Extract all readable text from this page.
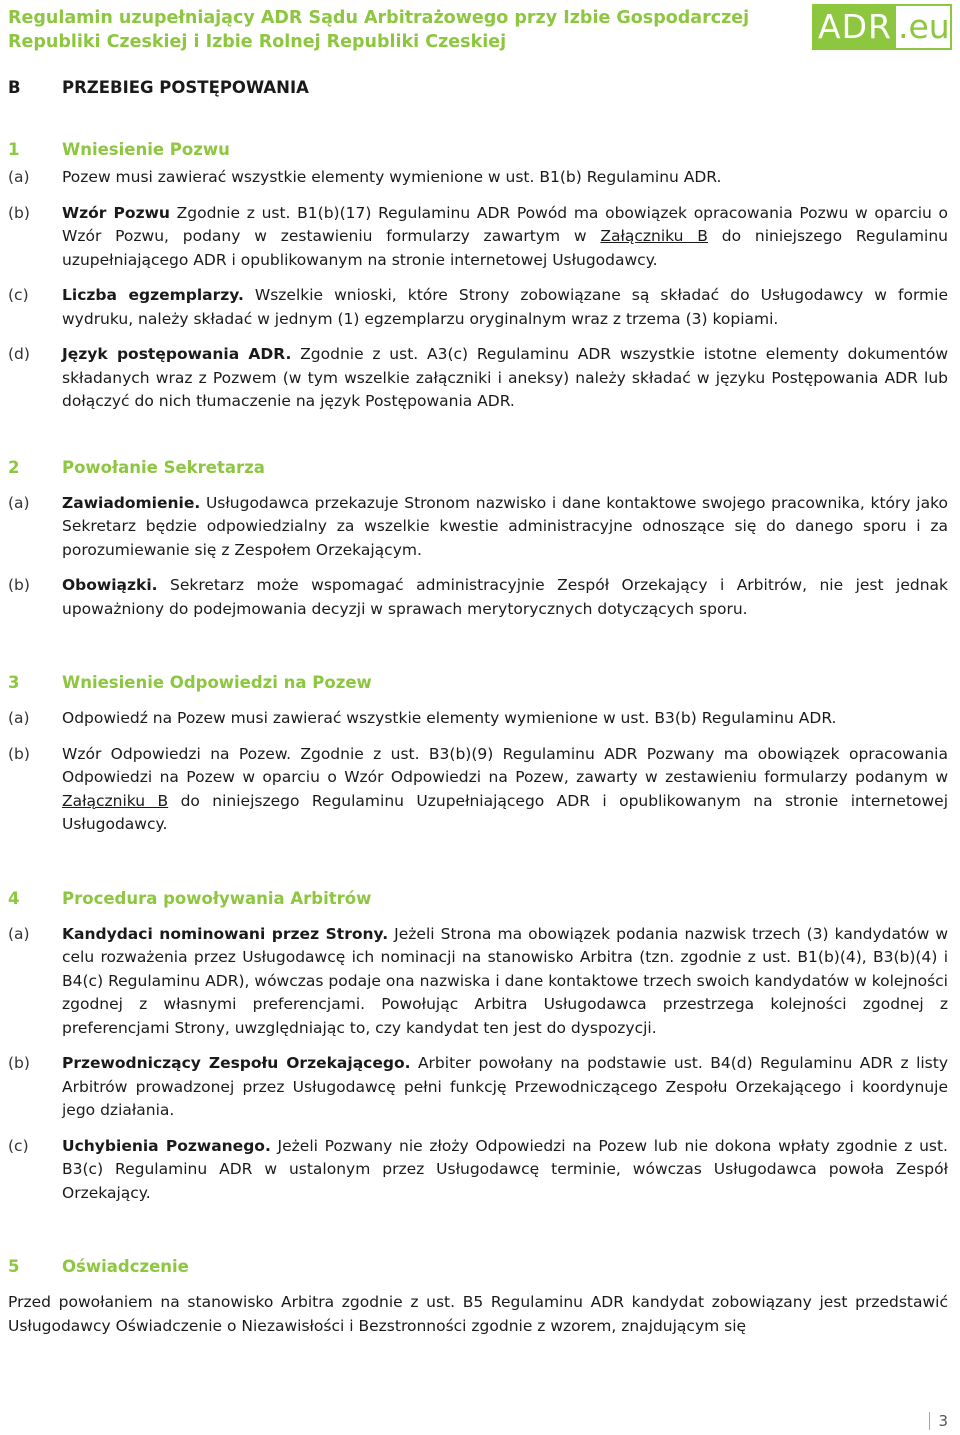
Regulamin uzupełniający ADR Sądu Arbitrażowego przy Izbie Gospodarczej
Republiki Czeskiej i Izbie Rolnej Republiki Czeskiej	ADR .eu
B	PRZEBIEG POSTĘPOWANIA
1	Wniesienie Pozwu
(a)	Pozew musi zawierać wszystkie elementy wymienione w ust. B1(b) Regulaminu ADR.
(b)	Wzór Pozwu Zgodnie z ust. B1(b)(17) Regulaminu ADR Powód ma obowiązek opracowania Pozwu w oparciu o Wzór Pozwu, podany w zestawieniu formularzy zawartym w Załączniku B do niniejszego Regulaminu uzupełniającego ADR i opublikowanym na stronie internetowej Usługodawcy.
(c)	Liczba egzemplarzy. Wszelkie wnioski, które Strony zobowiązane są składać do Usługodawcy w formie wydruku, należy składać w jednym (1) egzemplarzu oryginalnym wraz z trzema (3) kopiami.
(d)	Język postępowania ADR. Zgodnie z ust. A3(c) Regulaminu ADR wszystkie istotne elementy dokumentów składanych wraz z Pozwem (w tym wszelkie załączniki i aneksy) należy składać w języku Postępowania ADR lub dołączyć do nich tłumaczenie na język Postępowania ADR.
2	Powołanie Sekretarza
(a)	Zawiadomienie. Usługodawca przekazuje Stronom nazwisko i dane kontaktowe swojego pracownika, który jako Sekretarz będzie odpowiedzialny za wszelkie kwestie administracyjne odnoszące się do danego sporu i za porozumiewanie się z Zespołem Orzekającym.
(b)	Obowiązki. Sekretarz może wspomagać administracyjnie Zespół Orzekający i Arbitrów, nie jest jednak upoważniony do podejmowania decyzji w sprawach merytorycznych dotyczących sporu.
3	Wniesienie Odpowiedzi na Pozew
(a)	Odpowiedź na Pozew musi zawierać wszystkie elementy wymienione w ust. B3(b) Regulaminu ADR.
(b)	Wzór Odpowiedzi na Pozew. Zgodnie z ust. B3(b)(9) Regulaminu ADR Pozwany ma obowiązek opracowania Odpowiedzi na Pozew w oparciu o Wzór Odpowiedzi na Pozew, zawarty w zestawieniu formularzy podanym w Załączniku B do niniejszego Regulaminu Uzupełniającego ADR i opublikowanym na stronie internetowej Usługodawcy.
4	Procedura powoływania Arbitrów
(a)	Kandydaci nominowani przez Strony. Jeżeli Strona ma obowiązek podania nazwisk trzech (3) kandydatów w celu rozważenia przez Usługodawcę ich nominacji na stanowisko Arbitra (tzn. zgodnie z ust. B1(b)(4), B3(b)(4) i B4(c) Regulaminu ADR), wówczas podaje ona nazwiska i dane kontaktowe trzech swoich kandydatów w kolejności zgodnej z własnymi preferencjami. Powołując Arbitra Usługodawca przestrzega kolejności zgodnej z preferencjami Strony, uwzględniając to, czy kandydat ten jest do dyspozycji.
(b)	Przewodniczący Zespołu Orzekającego. Arbiter powołany na podstawie ust. B4(d) Regulaminu ADR z listy Arbitrów prowadzonej przez Usługodawcę pełni funkcję Przewodniczącego Zespołu Orzekającego i koordynuje jego działania.
(c)	Uchybienia Pozwanego. Jeżeli Pozwany nie złoży Odpowiedzi na Pozew lub nie dokona wpłaty zgodnie z ust. B3(c) Regulaminu ADR w ustalonym przez Usługodawcę terminie, wówczas Usługodawca powoła Zespół Orzekający.
5	Oświadczenie
Przed powołaniem na stanowisko Arbitra zgodnie z ust. B5 Regulaminu ADR kandydat zobowiązany jest przedstawić Usługodawcy Oświadczenie o Niezawisłości i Bezstronności zgodnie z wzorem, znajdującym się
3
